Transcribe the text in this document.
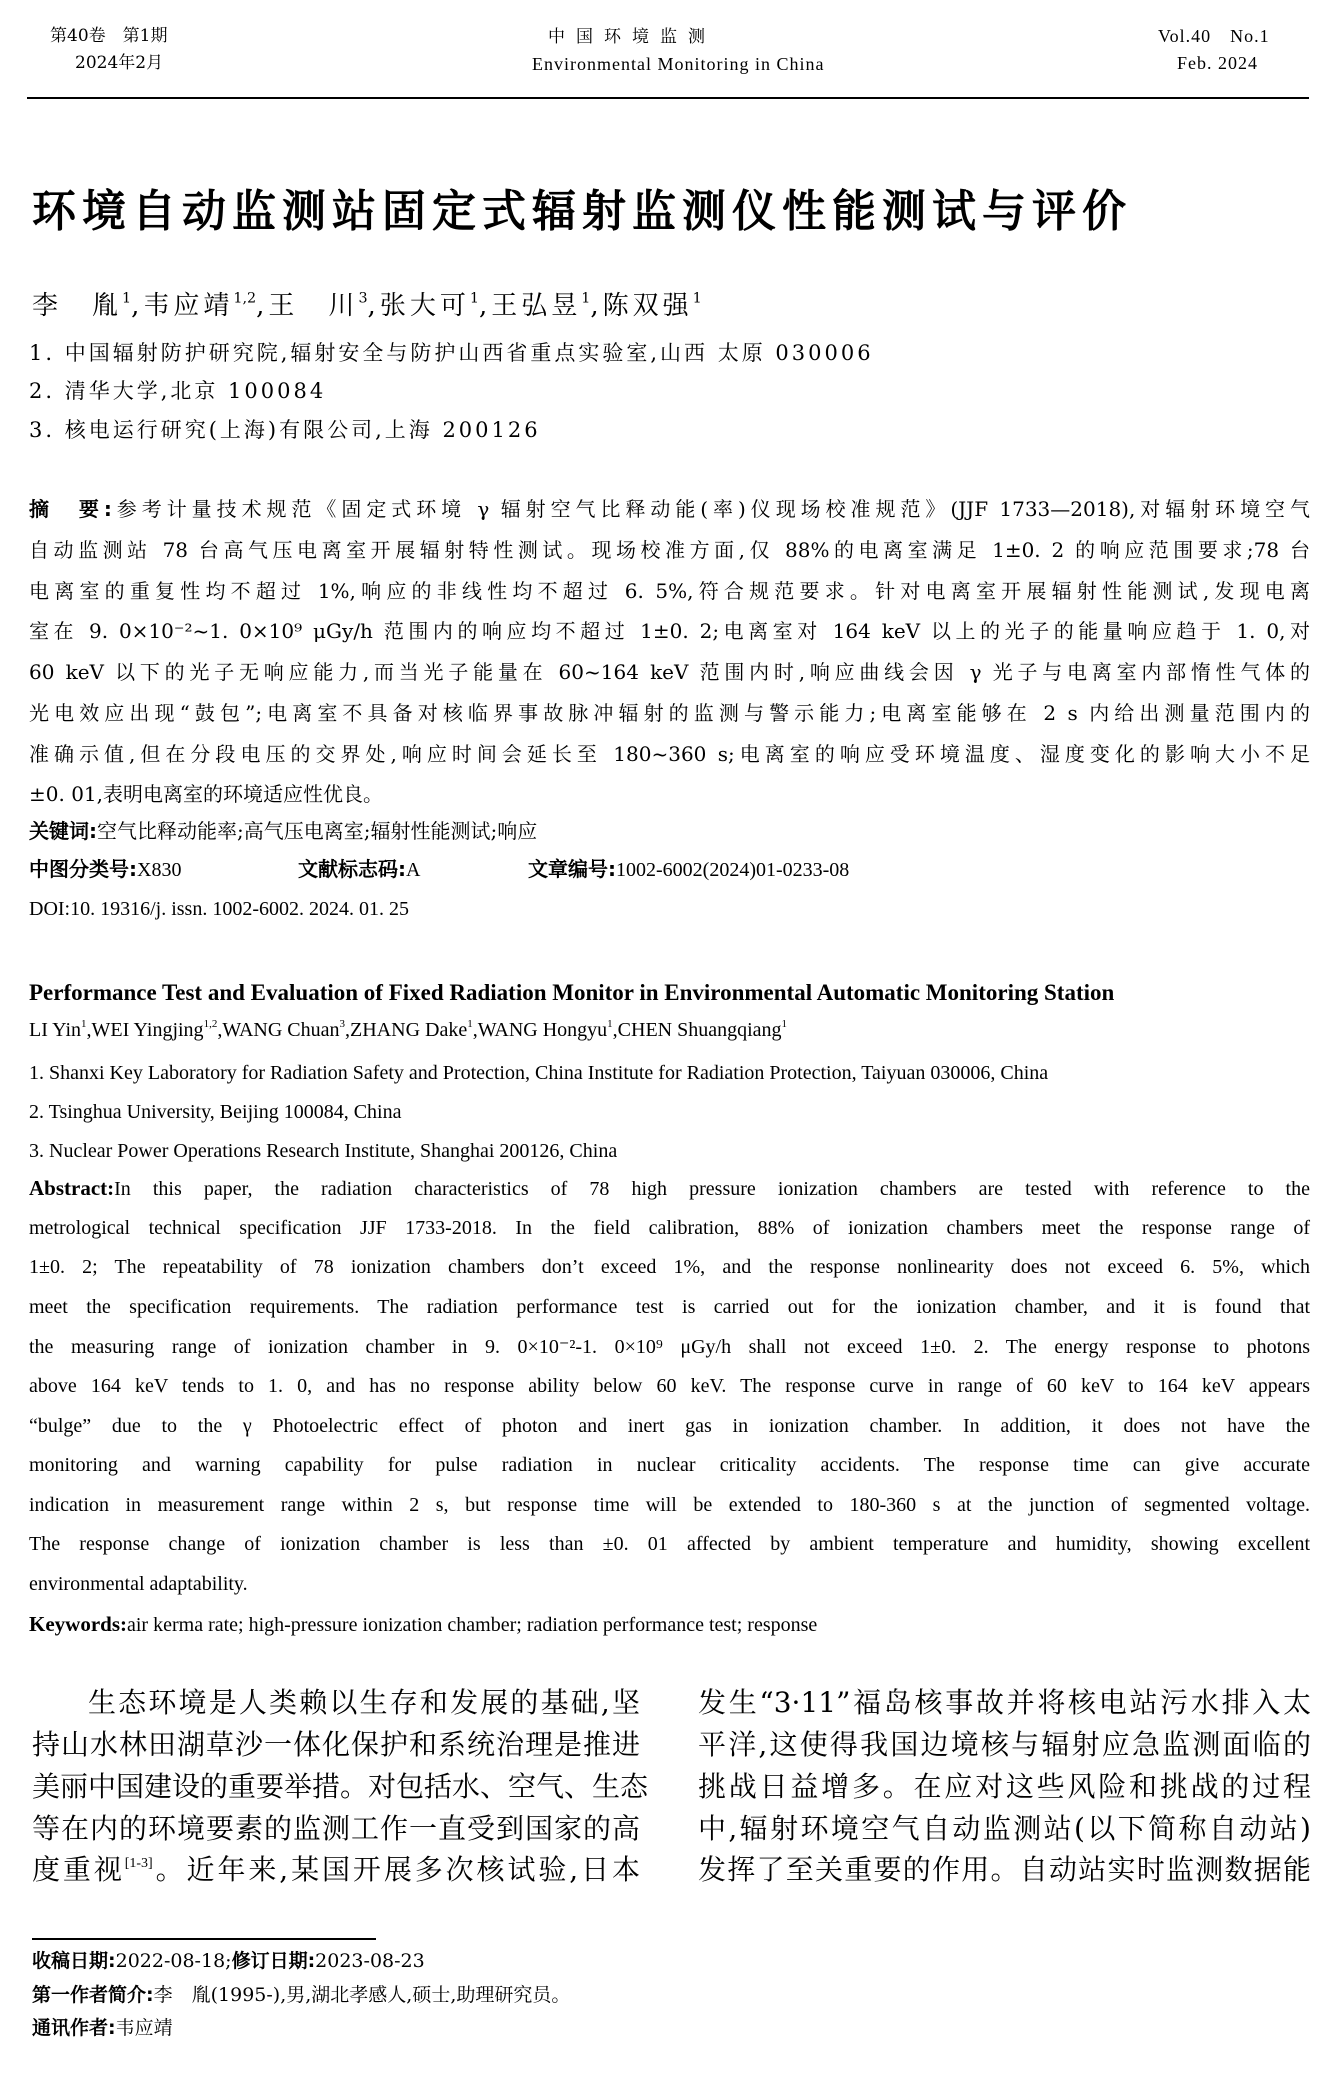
第40卷　第1期
2024年2月
中国环境监测
Environmental Monitoring in China
Vol.40　No.1
Feb. 2024
环境自动监测站固定式辐射监测仪性能测试与评价
李　胤$^1$,韦应靖$^{1,2}$,王　川$^3$,张大可$^1$,王弘昱$^1$,陈双强$^1$
1. 中国辐射防护研究院,辐射安全与防护山西省重点实验室,山西 太原 030006
2. 清华大学,北京 100084
3. 核电运行研究(上海)有限公司,上海 200126
摘　要:参考计量技术规范《固定式环境 γ 辐射空气比释动能(率)仪现场校准规范》(JJF 1733—2018),对辐射环境空气
自动监测站 78 台高气压电离室开展辐射特性测试。现场校准方面,仅 88%的电离室满足 1±0. 2 的响应范围要求;78 台
电离室的重复性均不超过 1%,响应的非线性均不超过 6. 5%,符合规范要求。针对电离室开展辐射性能测试,发现电离
室在 9. 0×10⁻²~1. 0×10⁹ μGy/h 范围内的响应均不超过 1±0. 2;电离室对 164 keV 以上的光子的能量响应趋于 1. 0,对
60 keV 以下的光子无响应能力,而当光子能量在 60~164 keV 范围内时,响应曲线会因 γ 光子与电离室内部惰性气体的
光电效应出现“鼓包”;电离室不具备对核临界事故脉冲辐射的监测与警示能力;电离室能够在 2 s 内给出测量范围内的
准确示值,但在分段电压的交界处,响应时间会延长至 180~360 s;电离室的响应受环境温度、湿度变化的影响大小不足
±0. 01,表明电离室的环境适应性优良。
关键词:空气比释动能率;高气压电离室;辐射性能测试;响应
中图分类号:X830	文献标志码:A	文章编号:1002-6002(2024)01-0233-08
DOI:10. 19316/j. issn. 1002-6002. 2024. 01. 25
Performance Test and Evaluation of Fixed Radiation Monitor in Environmental Automatic Monitoring Station
LI Yin$^1$,WEI Yingjing$^{1,2}$,WANG Chuan$^3$,ZHANG Dake$^1$,WANG Hongyu$^1$,CHEN Shuangqiang$^1$
1. Shanxi Key Laboratory for Radiation Safety and Protection, China Institute for Radiation Protection, Taiyuan 030006, China
2. Tsinghua University, Beijing 100084, China
3. Nuclear Power Operations Research Institute, Shanghai 200126, China
Abstract:In this paper, the radiation characteristics of 78 high pressure ionization chambers are tested with reference to the
metrological technical specification JJF 1733-2018. In the field calibration, 88% of ionization chambers meet the response range of
1±0. 2; The repeatability of 78 ionization chambers don’t exceed 1%, and the response nonlinearity does not exceed 6. 5%, which
meet the specification requirements. The radiation performance test is carried out for the ionization chamber, and it is found that
the measuring range of ionization chamber in 9. 0×10⁻²-1. 0×10⁹ μGy/h shall not exceed 1±0. 2. The energy response to photons
above 164 keV tends to 1. 0, and has no response ability below 60 keV. The response curve in range of 60 keV to 164 keV appears
“bulge” due to the γ Photoelectric effect of photon and inert gas in ionization chamber. In addition, it does not have the
monitoring and warning capability for pulse radiation in nuclear criticality accidents. The response time can give accurate
indication in measurement range within 2 s, but response time will be extended to 180-360 s at the junction of segmented voltage.
The response change of ionization chamber is less than ±0. 01 affected by ambient temperature and humidity, showing excellent
environmental adaptability.
Keywords:air kerma rate; high-pressure ionization chamber; radiation performance test; response
生态环境是人类赖以生存和发展的基础,坚
持山水林田湖草沙一体化保护和系统治理是推进
美丽中国建设的重要举措。对包括水、空气、生态
等在内的环境要素的监测工作一直受到国家的高
度重视[1-3]。近年来,某国开展多次核试验,日本
发生“3·11”福岛核事故并将核电站污水排入太
平洋,这使得我国边境核与辐射应急监测面临的
挑战日益增多。在应对这些风险和挑战的过程
中,辐射环境空气自动监测站(以下简称自动站)
发挥了至关重要的作用。自动站实时监测数据能
收稿日期:2022-08-18;修订日期:2023-08-23
第一作者简介:李　胤(1995-),男,湖北孝感人,硕士,助理研究员。
通讯作者:韦应靖
